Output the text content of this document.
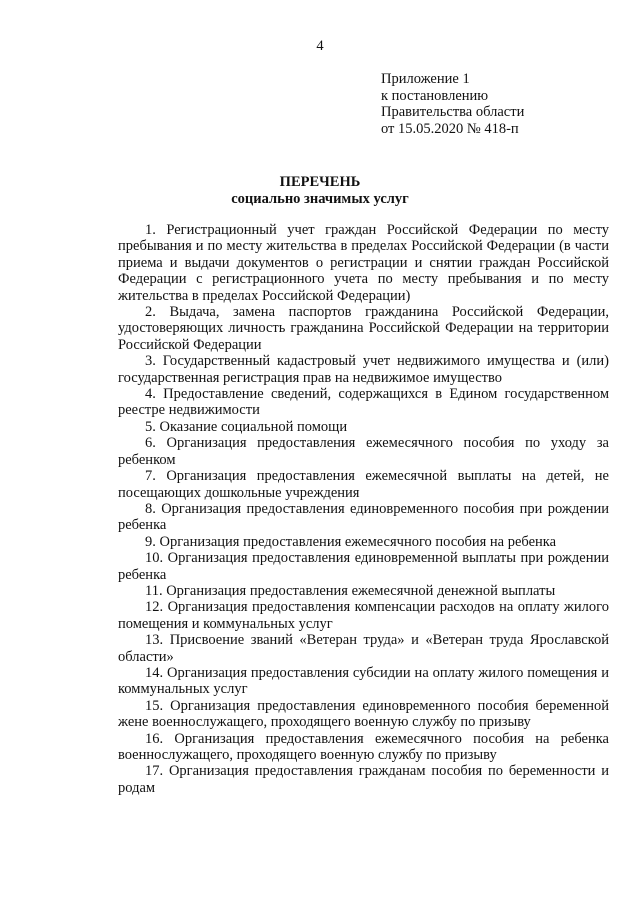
4
Приложение 1
к постановлению
Правительства области
от 15.05.2020 № 418-п
ПЕРЕЧЕНЬ
социально значимых услуг
1. Регистрационный учет граждан Российской Федерации по месту пребывания и по месту жительства в пределах Российской Федерации (в части приема и выдачи документов о регистрации и снятии граждан Российской Федерации с регистрационного учета по месту пребывания и по месту жительства в пределах Российской Федерации)
2. Выдача, замена паспортов гражданина Российской Федерации, удостоверяющих личность гражданина Российской Федерации на территории Российской Федерации
3. Государственный кадастровый учет недвижимого имущества и (или) государственная регистрация прав на недвижимое имущество
4. Предоставление сведений, содержащихся в Едином государственном реестре недвижимости
5. Оказание социальной помощи
6. Организация предоставления ежемесячного пособия по уходу за ребенком
7. Организация предоставления ежемесячной выплаты на детей, не посещающих дошкольные учреждения
8. Организация предоставления единовременного пособия при рождении ребенка
9. Организация предоставления ежемесячного пособия на ребенка
10. Организация предоставления единовременной выплаты при рождении ребенка
11. Организация предоставления ежемесячной денежной выплаты
12. Организация предоставления компенсации расходов на оплату жилого помещения и коммунальных услуг
13. Присвоение званий «Ветеран труда» и «Ветеран труда Ярославской области»
14. Организация предоставления субсидии на оплату жилого помещения и коммунальных услуг
15. Организация предоставления единовременного пособия беременной жене военнослужащего, проходящего военную службу по призыву
16. Организация предоставления ежемесячного пособия на ребенка военнослужащего, проходящего военную службу по призыву
17. Организация предоставления гражданам пособия по беременности и родам
